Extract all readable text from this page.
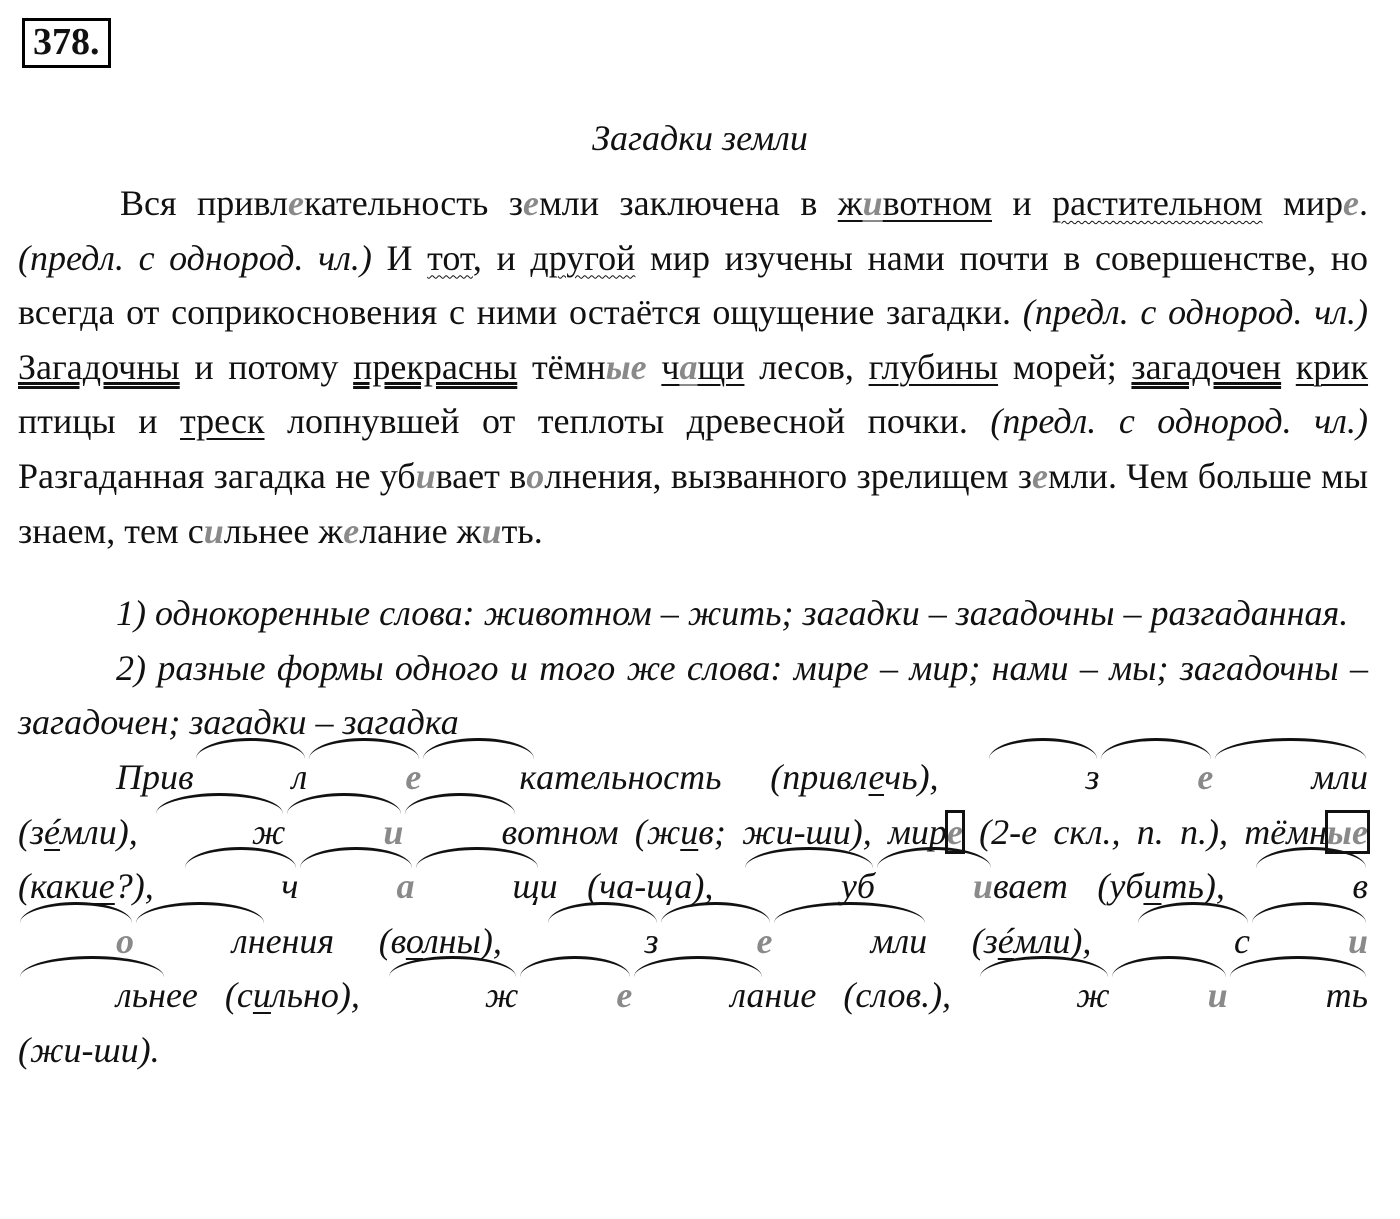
378.
Загадки земли

Вся привлекательность земли заключена в животном и растительном мире. (предл. с однород. чл.) И тот, и другой мир изучены нами почти в совершенстве, но всегда от соприкосновения с ними остаётся ощущение загадки. (предл. с однород. чл.) Загадочны и потому прекрасны тёмные чащи лесов, глубины морей; загадочен крик птицы и треск лопнувшей от теплоты древесной почки. (предл. с однород. чл.) Разгаданная загадка не убивает волнения, вызванного зрелищем земли. Чем больше мы знаем, тем сильнее желание жить.

1) однокоренные слова: животном – жить; загадки – загадочны – разгаданная.

2) разные формы одного и того же слова: мире – мир; нами – мы; загадочны – загадочен; загадки – загадка

Прив	л	е	кательность (привлечь),	з	е	мли (зéмли),	ж	и	вотном (жив; жи-ши), мире (2-е скл., п. п.), тёмные (какие?),	ч	а	щи (ча-ща),	уб	ивает (убить),	во	лнения (волны),	з	е	мли (зéмли),	с	ильнее (сильно),	ж	е	лание (слов.),	ж	и	ть (жи-ши).
